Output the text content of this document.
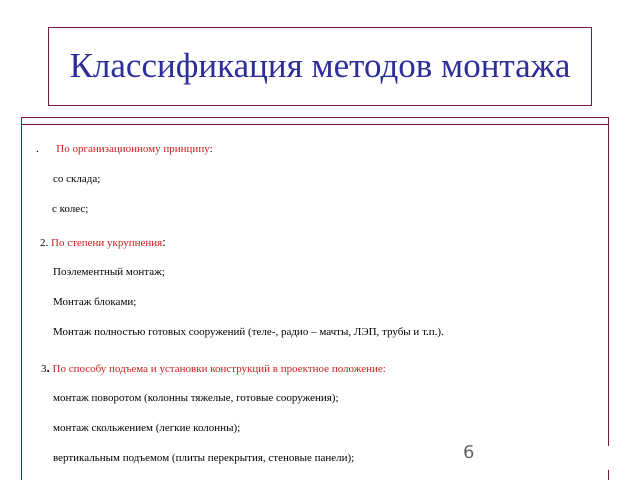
Классификация методов монтажа
. По организационному принципу:
со склада;
с колес;
2. По степени укрупнения:
Поэлементный монтаж;
Монтаж блоками;
Монтаж полностью готовых сооружений (теле-, радио – мачты, ЛЭП, трубы и т.п.).
3. По способу подъема и установки конструкций в проектное положение:
монтаж поворотом (колонны тяжелые, готовые сооружения);
монтаж скольжением (легкие колонны);
вертикальным подъемом (плиты перекрытия, стеновые панели);	6
